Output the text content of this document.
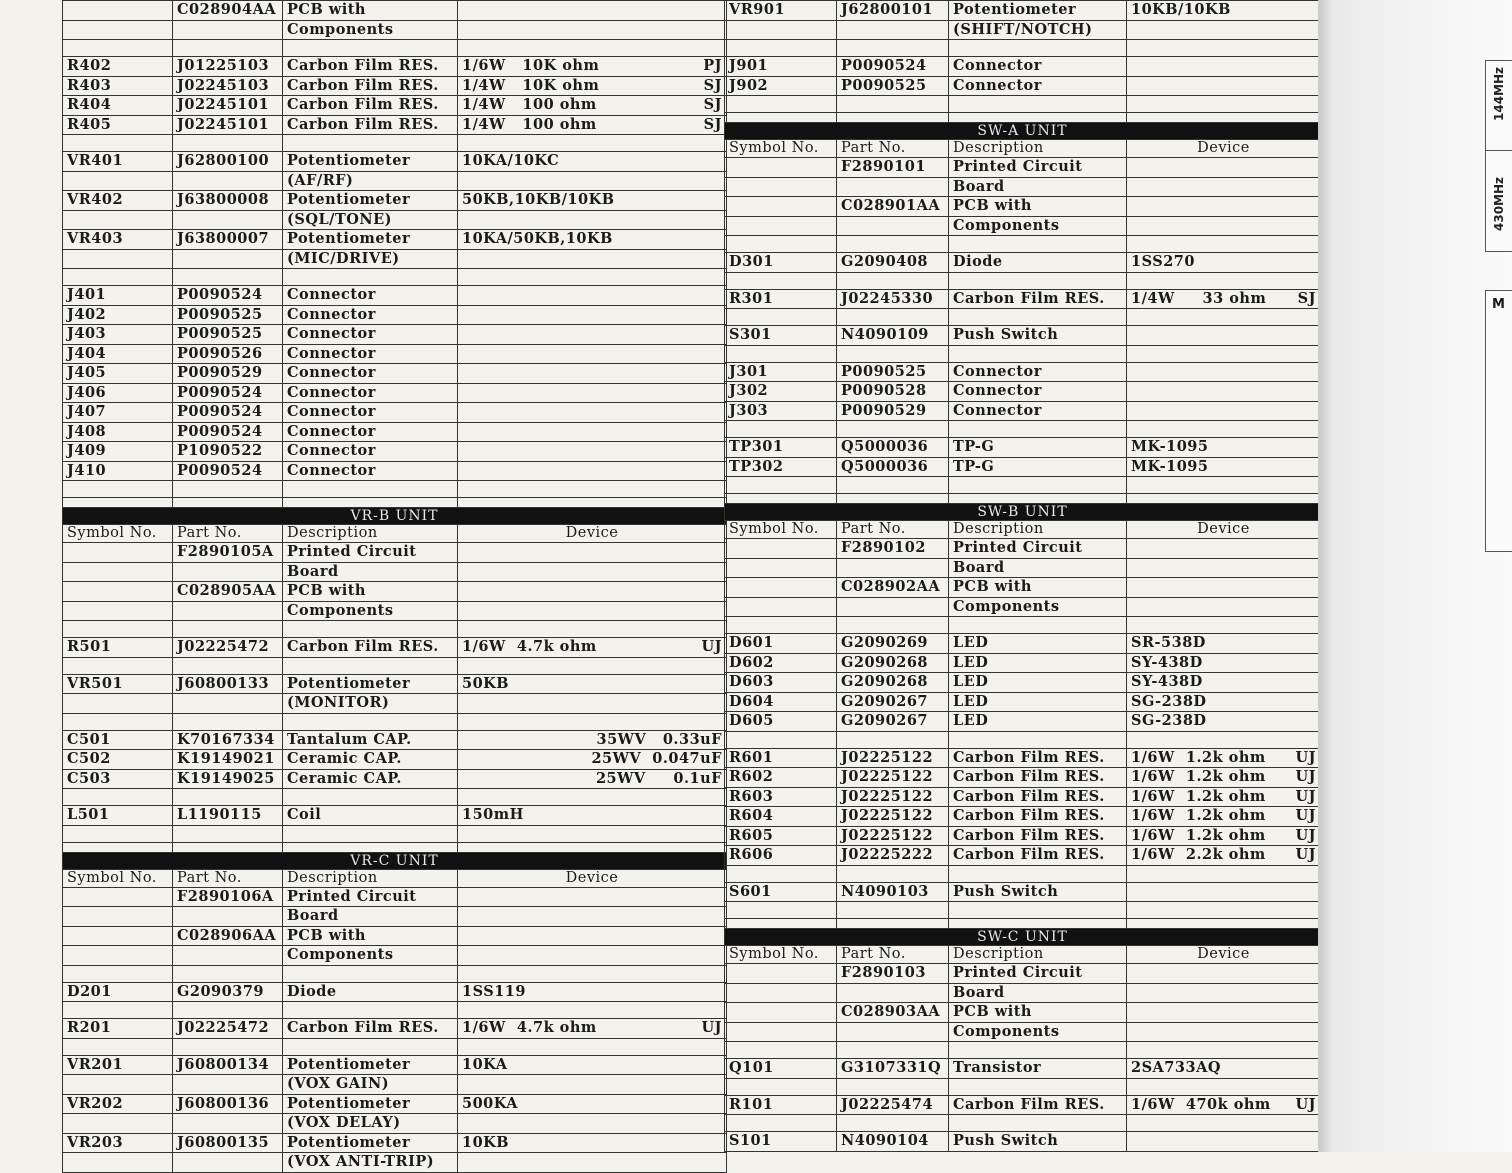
	C028904AA	PCB with	

		Components	

R402	J01225103	Carbon Film RES.	1/6W   10K ohm PJ

R403	J02245103	Carbon Film RES.	1/4W   10K ohm SJ

R404	J02245101	Carbon Film RES.	1/4W   100 ohm SJ

R405	J02245101	Carbon Film RES.	1/4W   100 ohm SJ

VR401	J62800100	Potentiometer	10KA/10KC

		(AF/RF)	

VR402	J63800008	Potentiometer	50KB,10KB/10KB

		(SQL/TONE)	

VR403	J63800007	Potentiometer	10KA/50KB,10KB

		(MIC/DRIVE)	

J401	P0090524	Connector	

J402	P0090525	Connector	

J403	P0090525	Connector	

J404	P0090526	Connector	

J405	P0090529	Connector	

J406	P0090524	Connector	

J407	P0090524	Connector	

J408	P0090524	Connector	

J409	P1090522	Connector	

J410	P0090524	Connector	

VR-B UNIT			
Symbol No.	Part No.	Description	Device
	F2890105A	Printed Circuit	

		Board	

	C028905AA	PCB with	

		Components	

R501	J02225472	Carbon Film RES.	1/6W  4.7k ohm UJ

VR501	J60800133	Potentiometer	50KB

		(MONITOR)	

C501	K70167334	Tantalum CAP.	35WV   0.33uF

C502	K19149021	Ceramic CAP.	25WV  0.047uF

C503	K19149025	Ceramic CAP.	25WV     0.1uF

L501	L1190115	Coil	150mH

VR-C UNIT			
Symbol No.	Part No.	Description	Device
	F2890106A	Printed Circuit	

		Board	

	C028906AA	PCB with	

		Components	

D201	G2090379	Diode	1SS119

R201	J02225472	Carbon Film RES.	1/6W  4.7k ohm UJ

VR201	J60800134	Potentiometer	10KA

		(VOX GAIN)	

VR202	J60800136	Potentiometer	500KA

		(VOX DELAY)	

VR203	J60800135	Potentiometer	10KB

		(VOX ANTI-TRIP)	
VR901	J62800101	Potentiometer	10KB/10KB

		(SHIFT/NOTCH)	

J901	P0090524	Connector	

J902	P0090525	Connector	

SW-A UNIT			
Symbol No.	Part No.	Description	Device
	F2890101	Printed Circuit	

		Board	

	C028901AA	PCB with	

		Components	

D301	G2090408	Diode	1SS270

R301	J02245330	Carbon Film RES.	1/4W     33 ohm SJ

S301	N4090109	Push Switch	

J301	P0090525	Connector	

J302	P0090528	Connector	

J303	P0090529	Connector	

TP301	Q5000036	TP-G	MK-1095

TP302	Q5000036	TP-G	MK-1095

SW-B UNIT			
Symbol No.	Part No.	Description	Device
	F2890102	Printed Circuit	

		Board	

	C028902AA	PCB with	

		Components	

D601	G2090269	LED	SR-538D

D602	G2090268	LED	SY-438D

D603	G2090268	LED	SY-438D

D604	G2090267	LED	SG-238D

D605	G2090267	LED	SG-238D

R601	J02225122	Carbon Film RES.	1/6W  1.2k ohm UJ

R602	J02225122	Carbon Film RES.	1/6W  1.2k ohm UJ

R603	J02225122	Carbon Film RES.	1/6W  1.2k ohm UJ

R604	J02225122	Carbon Film RES.	1/6W  1.2k ohm UJ

R605	J02225122	Carbon Film RES.	1/6W  1.2k ohm UJ

R606	J02225222	Carbon Film RES.	1/6W  2.2k ohm UJ

S601	N4090103	Push Switch	

SW-C UNIT			
Symbol No.	Part No.	Description	Device
	F2890103	Printed Circuit	

		Board	

	C028903AA	PCB with	

		Components	

Q101	G3107331Q	Transistor	2SA733AQ

R101	J02225474	Carbon Film RES.	1/6W  470k ohm UJ

S101	N4090104	Push Switch	
144MHz
430MHz
M
